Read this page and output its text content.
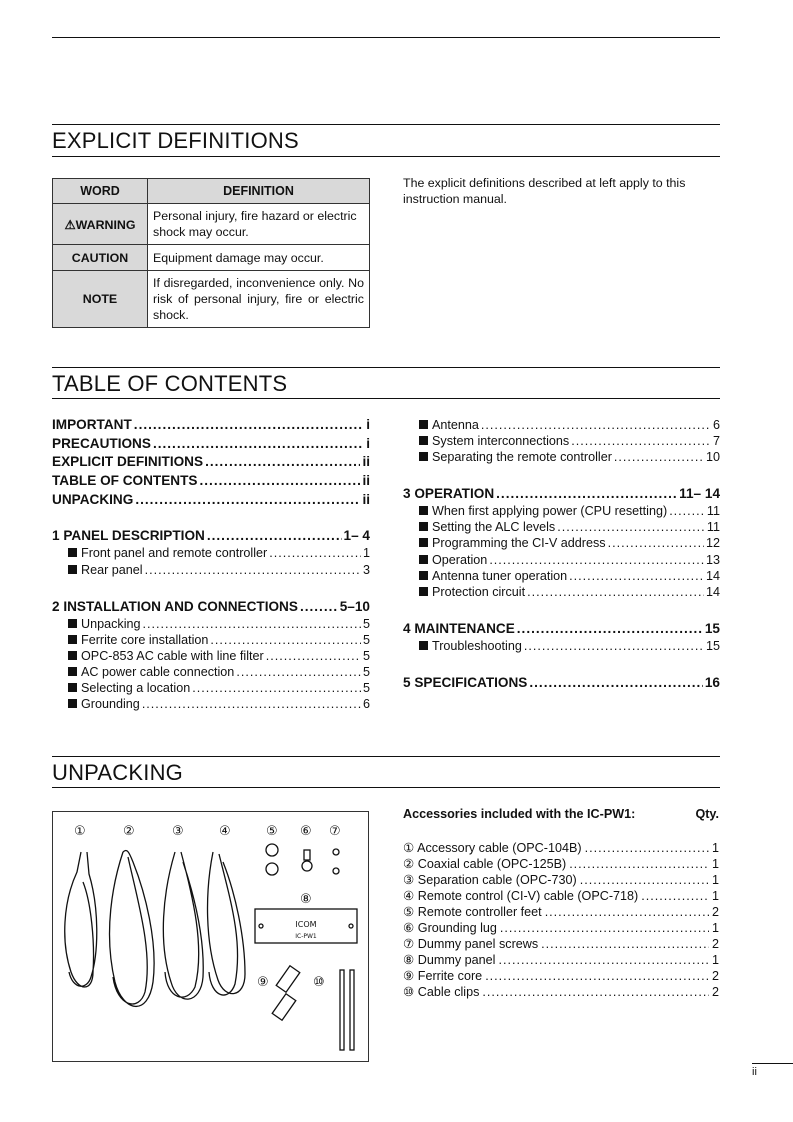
EXPLICIT DEFINITIONS
WORD	DEFINITION
⚠WARNING	Personal injury, fire hazard or electric shock may occur.
CAUTION	Equipment damage may occur.
NOTE	If disregarded, inconvenience only. No risk of personal injury, fire or electric shock.
The explicit definitions described at left apply to this instruction manual.
TABLE OF CONTENTS
IMPORTANT .....	i
PRECAUTIONS .....	i
EXPLICIT DEFINITIONS .....	ii
TABLE OF CONTENTS .....	ii
UNPACKING .....	ii
1 PANEL DESCRIPTION .....	1– 4
Front panel and remote controller .....	1
Rear panel .....	3
2 INSTALLATION AND CONNECTIONS .....	5–10
Unpacking .....	5
Ferrite core installation .....	5
OPC-853 AC cable with line filter .....	5
AC power cable connection .....	5
Selecting a location .....	5
Grounding .....	6
Antenna .....	6
System interconnections .....	7
Separating the remote controller .....	10
3 OPERATION .....	11– 14
When first applying power (CPU resetting) .....	11
Setting the ALC levels .....	11
Programming the CI-V address .....	12
Operation .....	13
Antenna tuner operation .....	14
Protection circuit .....	14
4 MAINTENANCE .....	15
Troubleshooting .....	15
5 SPECIFICATIONS .....	16
UNPACKING
①	②	③	④	⑤ ⑥ ⑦
⑧
⑨	⑩
ICOM
IC-PW1
Accessories included with the IC-PW1:	Qty.
① Accessory cable (OPC-104B) .....	1
② Coaxial cable (OPC-125B) .....	1
③ Separation cable (OPC-730) .....	1
④ Remote control (CI-V) cable (OPC-718) .....	1
⑤ Remote controller feet .....	2
⑥ Grounding lug .....	1
⑦ Dummy panel screws .....	2
⑧ Dummy panel .....	1
⑨ Ferrite core .....	2
⑩ Cable clips .....	2
ii
